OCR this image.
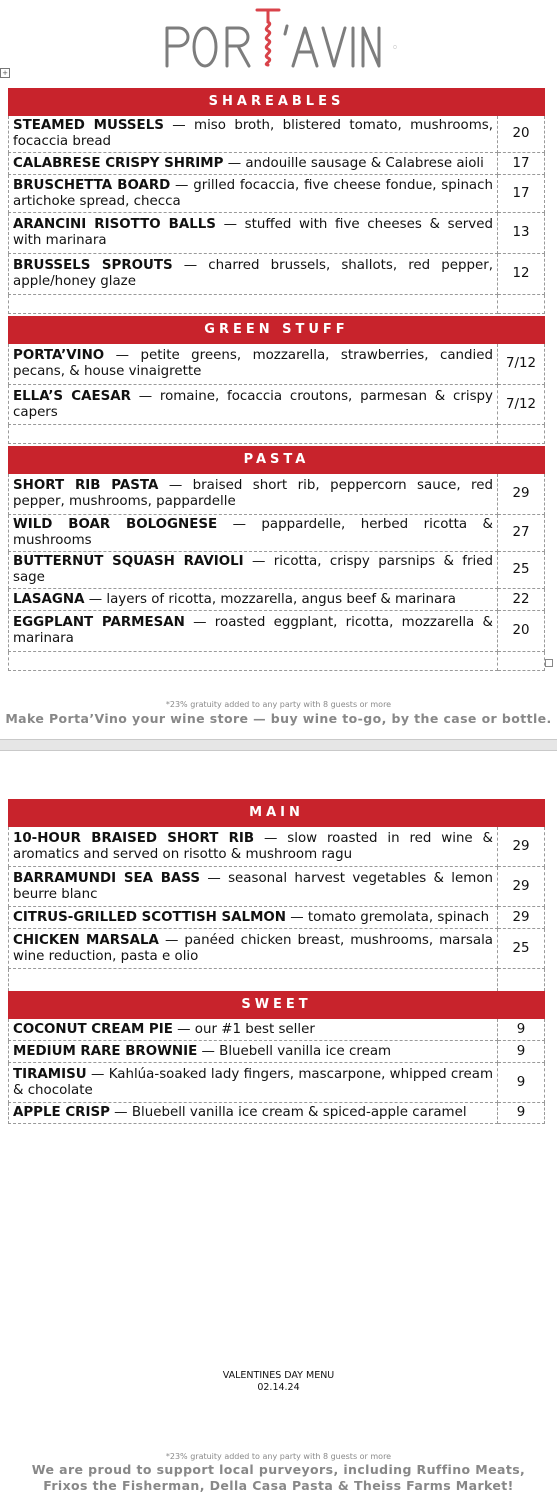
+
SHAREABLES	
STEAMED MUSSELS — miso broth, blistered tomato, mushrooms, focaccia bread	20
CALABRESE CRISPY SHRIMP — andouille sausage & Calabrese aioli	17
BRUSCHETTA BOARD — grilled focaccia, five cheese fondue, spinach artichoke spread, checca	17
ARANCINI RISOTTO BALLS — stuffed with five cheeses & served with marinara	13
BRUSSELS SPROUTS — charred brussels, shallots, red pepper, apple/honey glaze	12

GREEN STUFF	
PORTA’VINO — petite greens, mozzarella, strawberries, candied pecans, & house vinaigrette	7/12
ELLA’S CAESAR — romaine, focaccia croutons, parmesan & crispy capers	7/12

PASTA	
SHORT RIB PASTA — braised short rib, peppercorn sauce, red pepper, mushrooms, pappardelle	29
WILD BOAR BOLOGNESE — pappardelle, herbed ricotta & mushrooms	27
BUTTERNUT SQUASH RAVIOLI — ricotta, crispy parsnips & fried sage	25
LASAGNA — layers of ricotta, mozzarella, angus beef & marinara	22
EGGPLANT PARMESAN — roasted eggplant, ricotta, mozzarella & marinara	20

*23% gratuity added to any party with 8 guests or more
Make Porta’Vino your wine store — buy wine to-go, by the case or bottle.
MAIN	
10-HOUR BRAISED SHORT RIB — slow roasted in red wine & aromatics and served on risotto & mushroom ragu	29
BARRAMUNDI SEA BASS — seasonal harvest vegetables & lemon beurre blanc	29
CITRUS-GRILLED SCOTTISH SALMON — tomato gremolata, spinach	29
CHICKEN MARSALA — panéed chicken breast, mushrooms, marsala wine reduction, pasta e olio	25

SWEET	
COCONUT CREAM PIE — our #1 best seller	9
MEDIUM RARE BROWNIE — Bluebell vanilla ice cream	9
TIRAMISU — Kahlúa-soaked lady fingers, mascarpone, whipped cream & chocolate	9
APPLE CRISP — Bluebell vanilla ice cream & spiced-apple caramel	9
VALENTINES DAY MENU
02.14.24
*23% gratuity added to any party with 8 guests or more
We are proud to support local purveyors, including Ruffino Meats,
Frixos the Fisherman, Della Casa Pasta & Theiss Farms Market!
